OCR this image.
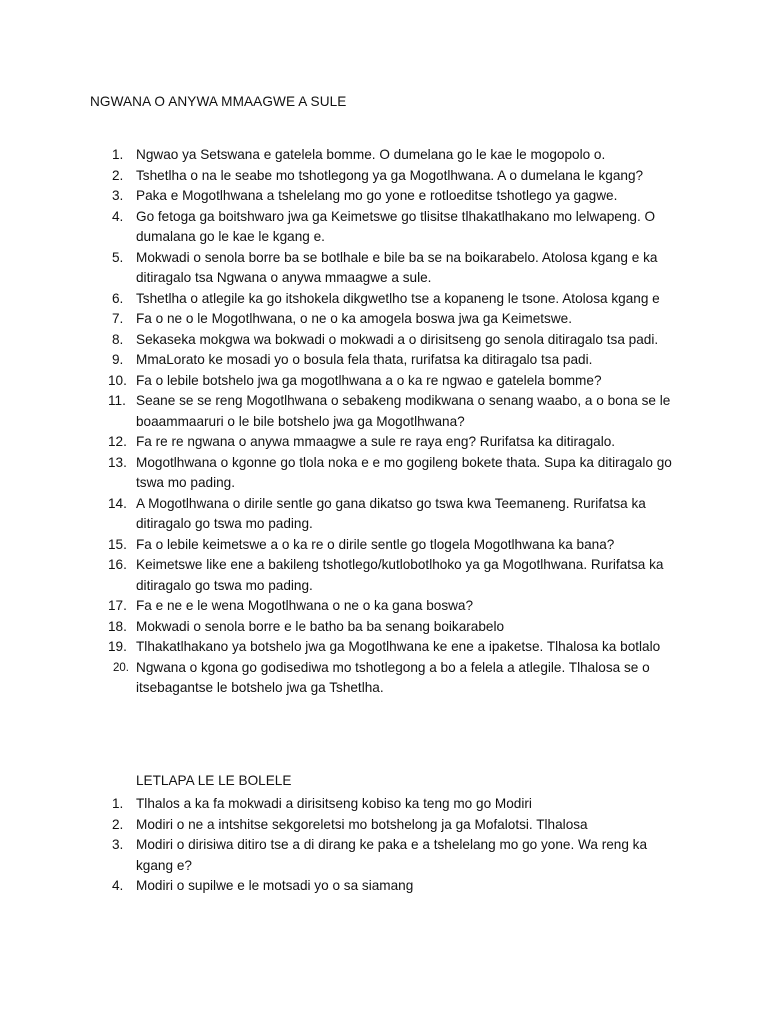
NGWANA O ANYWA MMAAGWE A SULE
1. Ngwao ya Setswana e gatelela bomme. O dumelana go le kae le mogopolo o.
2. Tshetlha o na le seabe mo tshotlegong ya ga Mogotlhwana. A o dumelana le kgang?
3. Paka e Mogotlhwana a tshelelang mo go yone e rotloeditse tshotlego ya gagwe.
4. Go fetoga ga boitshwaro jwa ga Keimetswe go tlisitse tlhakatlhakano mo lelwapeng. O dumalana go le kae le kgang e.
5. Mokwadi o senola borre ba se botlhale e bile ba se na boikarabelo. Atolosa kgang e ka ditiragalo tsa Ngwana o anywa mmaagwe a sule.
6. Tshetlha o atlegile ka go itshokela dikgwetlho tse a kopaneng le tsone. Atolosa kgang e
7. Fa o ne o le Mogotlhwana, o ne o ka amogela boswa jwa ga Keimetswe.
8. Sekaseka mokgwa wa bokwadi o mokwadi a o dirisitseng go senola ditiragalo tsa padi.
9. MmaLorato ke mosadi yo o bosula fela thata, rurifatsa ka ditiragalo tsa padi.
10. Fa o lebile botshelo jwa ga mogotlhwana a o ka re ngwao e gatelela bomme?
11. Seane se se reng Mogotlhwana o sebakeng modikwana o senang waabo, a o bona se le boaammaaruri o le bile botshelo jwa ga Mogotlhwana?
12. Fa re re ngwana o anywa mmaagwe a sule re raya eng? Rurifatsa ka ditiragalo.
13. Mogotlhwana o kgonne go tlola noka e e mo gogileng bokete thata. Supa ka ditiragalo go tswa mo pading.
14. A Mogotlhwana o dirile sentle go gana dikatso go tswa kwa Teemaneng. Rurifatsa ka ditiragalo go tswa mo pading.
15. Fa o lebile keimetswe a o ka re o dirile sentle go tlogela Mogotlhwana ka bana?
16. Keimetswe like ene a bakileng tshotlego/kutlobotlhoko ya ga Mogotlhwana. Rurifatsa ka ditiragalo go tswa mo pading.
17. Fa e ne e le wena Mogotlhwana o ne o ka gana boswa?
18. Mokwadi o senola borre e le batho ba ba senang boikarabelo
19. Tlhakatlhakano ya botshelo jwa ga Mogotlhwana ke ene a ipaketse. Tlhalosa ka botlalo
20. Ngwana o kgona go godisediwa mo tshotlegong a bo a felela a atlegile. Tlhalosa se o itsebagantse le botshelo jwa ga Tshetlha.
LETLAPA LE LE BOLELE
1. Tlhalos a ka fa mokwadi a dirisitseng kobiso ka teng mo go Modiri
2. Modiri o ne a intshitse sekgoreletsi mo botshelong ja ga Mofalotsi. Tlhalosa
3. Modiri o dirisiwa ditiro tse a di dirang ke paka e a tshelelang mo go yone. Wa reng ka kgang e?
4. Modiri o supilwe e le motsadi yo o sa siamang
